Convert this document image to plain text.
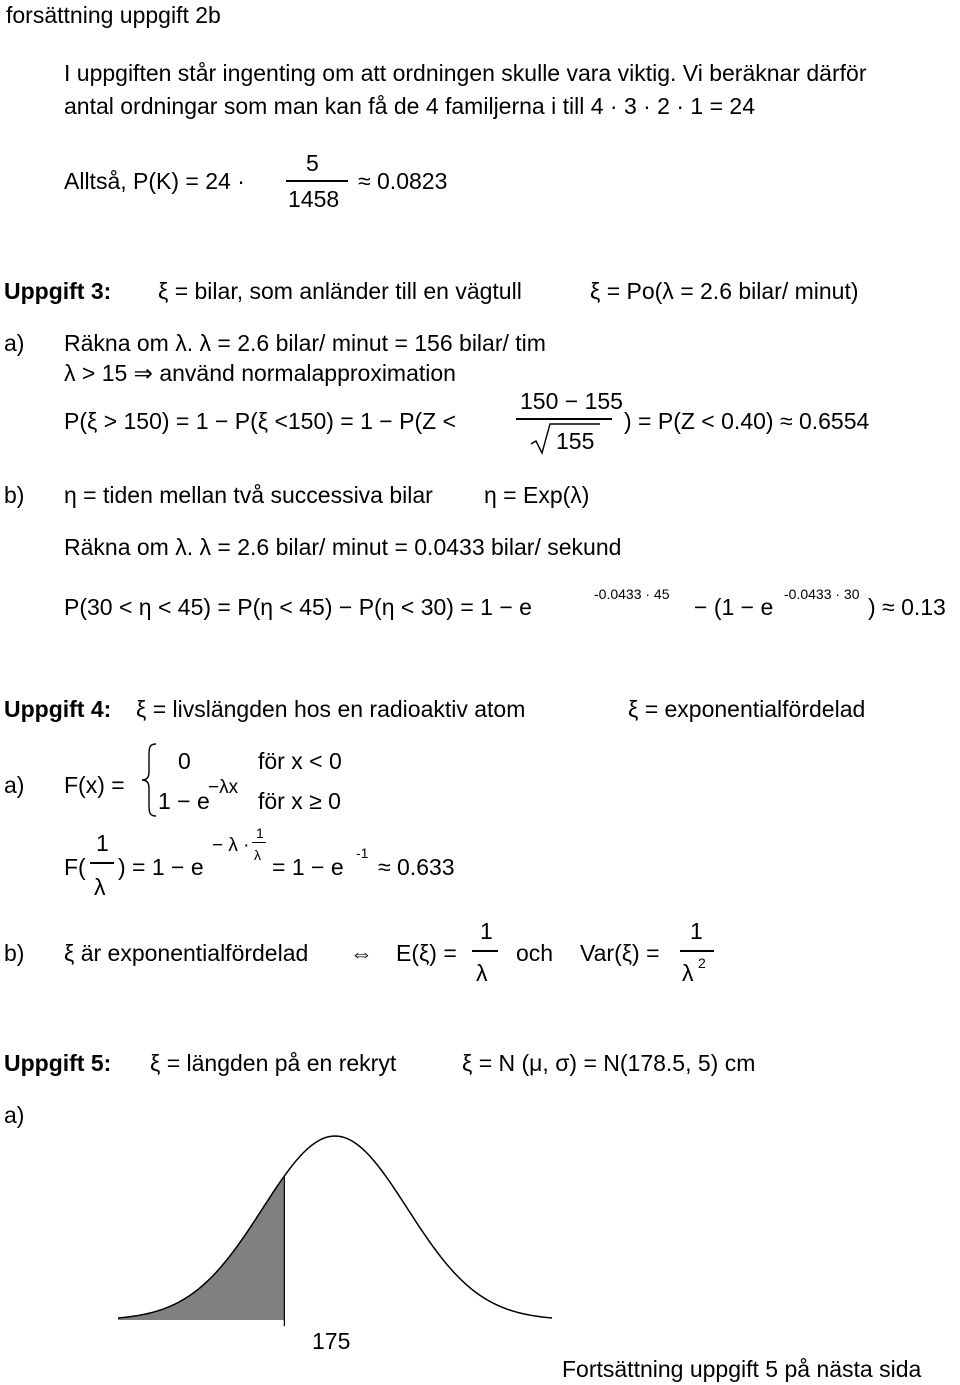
forsättning uppgift 2b
I uppgiften står ingenting om att ordningen skulle vara viktig. Vi beräknar därför
antal ordningar som man kan få de 4 familjerna i till 4 · 3 · 2 · 1 = 24
Alltså, P(K) = 24 ·
5
1458
≈ 0.0823
Uppgift 3: ξ = bilar, som anländer till en vägtull	ξ = Po(λ = 2.6 bilar/ minut)
a) Räkna om λ. λ = 2.6 bilar/ minut = 156 bilar/ tim
λ > 15 ⇒ använd normalapproximation
P(ξ > 150) = 1 − P(ξ <150) = 1 − P(Z <
150 − 155
155
) = P(Z < 0.40) ≈ 0.6554
b) η = tiden mellan två successiva bilar η = Exp(λ)
Räkna om λ. λ = 2.6 bilar/ minut = 0.0433 bilar/ sekund
P(30 < η < 45) = P(η < 45) − P(η < 30) = 1 − e	-0.0433 · 45 − (1 − e -0.0433 · 30 ) ≈ 0.13
Uppgift 4: ξ = livslängden hos en radioaktiv atom	ξ = exponentialfördelad
a) F(x) =
0	för x < 0
1 − e
−λx
för x ≥ 0
F(
1
λ
) = 1 − e
− λ ·
1
λ = 1 − e
-1
≈ 0.633
b) ξ är exponentialfördelad ⇔ E(ξ) =
1
λ
och Var(ξ) =
1
λ 2
Uppgift 5: ξ = längden på en rekryt	ξ = N (μ, σ) = N(178.5, 5) cm
a)
175
Fortsättning uppgift 5 på nästa sida
